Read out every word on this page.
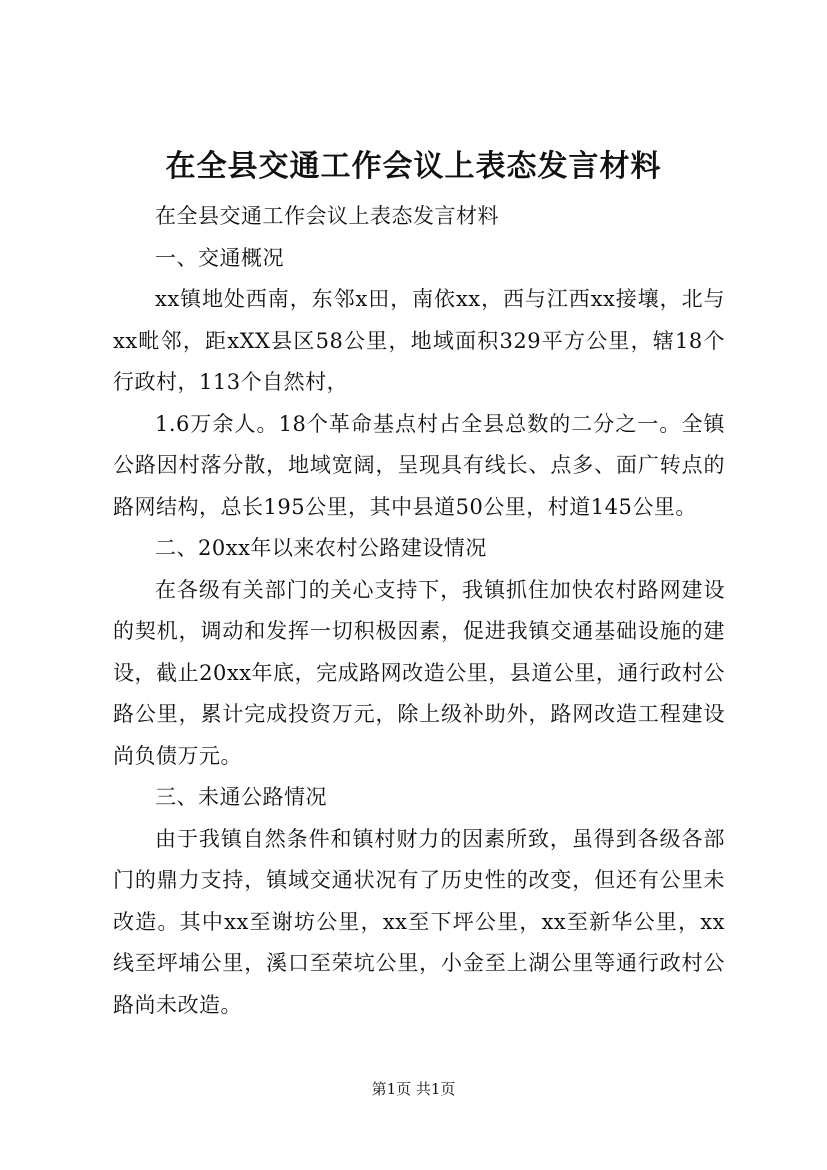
在全县交通工作会议上表态发言材料

在全县交通工作会议上表态发言材料

一、交通概况

xx镇地处西南，东邻x田，南依xx，西与江西xx接壤，北与xx毗邻，距xXX县区58公里，地域面积329平方公里，辖18个行政村，113个自然村，

1.6万余人。18个革命基点村占全县总数的二分之一。全镇公路因村落分散，地域宽阔，呈现具有线长、点多、面广转点的路网结构，总长195公里，其中县道50公里，村道145公里。

二、20xx年以来农村公路建设情况

在各级有关部门的关心支持下，我镇抓住加快农村路网建设的契机，调动和发挥一切积极因素，促进我镇交通基础设施的建设，截止20xx年底，完成路网改造公里，县道公里，通行政村公路公里，累计完成投资万元，除上级补助外，路网改造工程建设尚负债万元。

三、未通公路情况

由于我镇自然条件和镇村财力的因素所致，虽得到各级各部门的鼎力支持，镇域交通状况有了历史性的改变，但还有公里未改造。其中xx至谢坊公里，xx至下坪公里，xx至新华公里，xx线至坪埔公里，溪口至荣坑公里，小金至上湖公里等通行政村公路尚未改造。

第1页 共1页
